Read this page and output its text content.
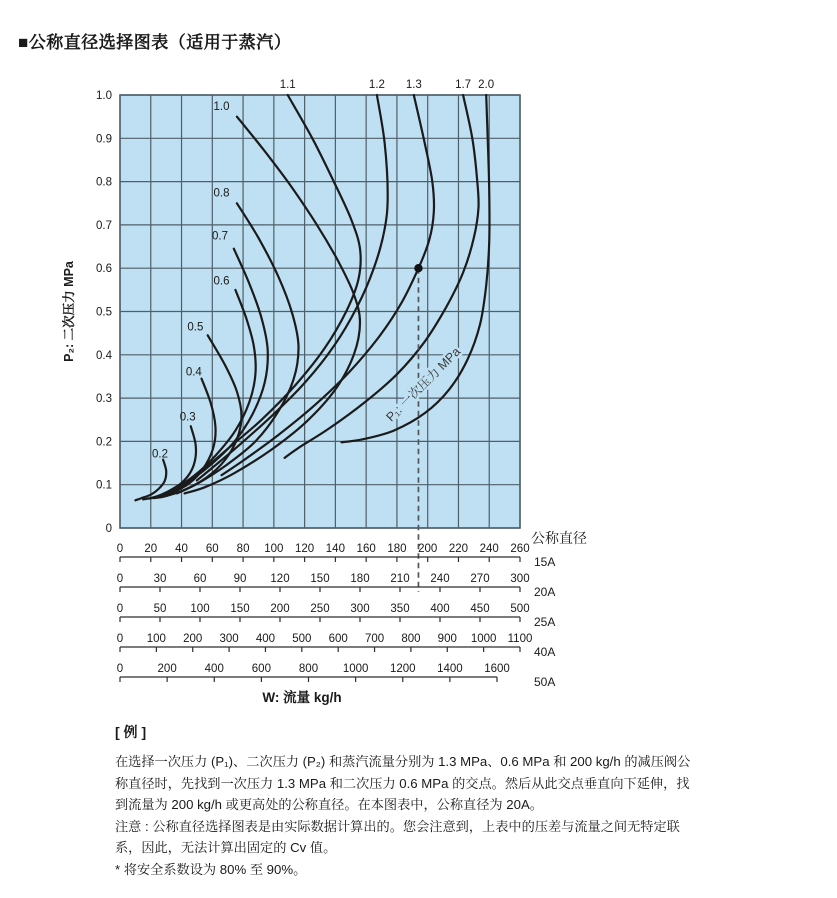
■公称直径选择图表（适用于蒸汽）
0.2
0.3
0.4
0.5
0.6
0.7
0.8
1.0
1.1	1.2 1.3	1.7 2.0
P₁: 一次压力 MPa
1.0
0.9
0.8
0.7
0.6
0.5
0.4
0.3
0.2
0.1
0
P₂: 二次压力 MPa
公称直径
0 20 40 60 80 100 120 140 160 180 200 220 240 260
15A
0	30 60 90 120 150 180 210 240 270 300
20A
0	50 100 150 200 250 300 350 400 450 500
25A
0 100 200 300 400 500 600 700 800 900 1000 1100
40A
0	200 400 600 800 1000 1200 1400 1600
50A
W: 流量 kg/h
[ 例 ]
在选择一次压力 (P₁)、二次压力 (P₂) 和蒸汽流量分别为 1.3 MPa、0.6 MPa 和 200 kg/h 的减压阀公
称直径时，先找到一次压力 1.3 MPa 和二次压力 0.6 MPa 的交点。然后从此交点垂直向下延伸，找
到流量为 200 kg/h 或更高处的公称直径。在本图表中，公称直径为 20A。
注意 : 公称直径选择图表是由实际数据计算出的。您会注意到，上表中的压差与流量之间无特定联
系，因此，无法计算出固定的 Cv 值。
* 将安全系数设为 80% 至 90%。
